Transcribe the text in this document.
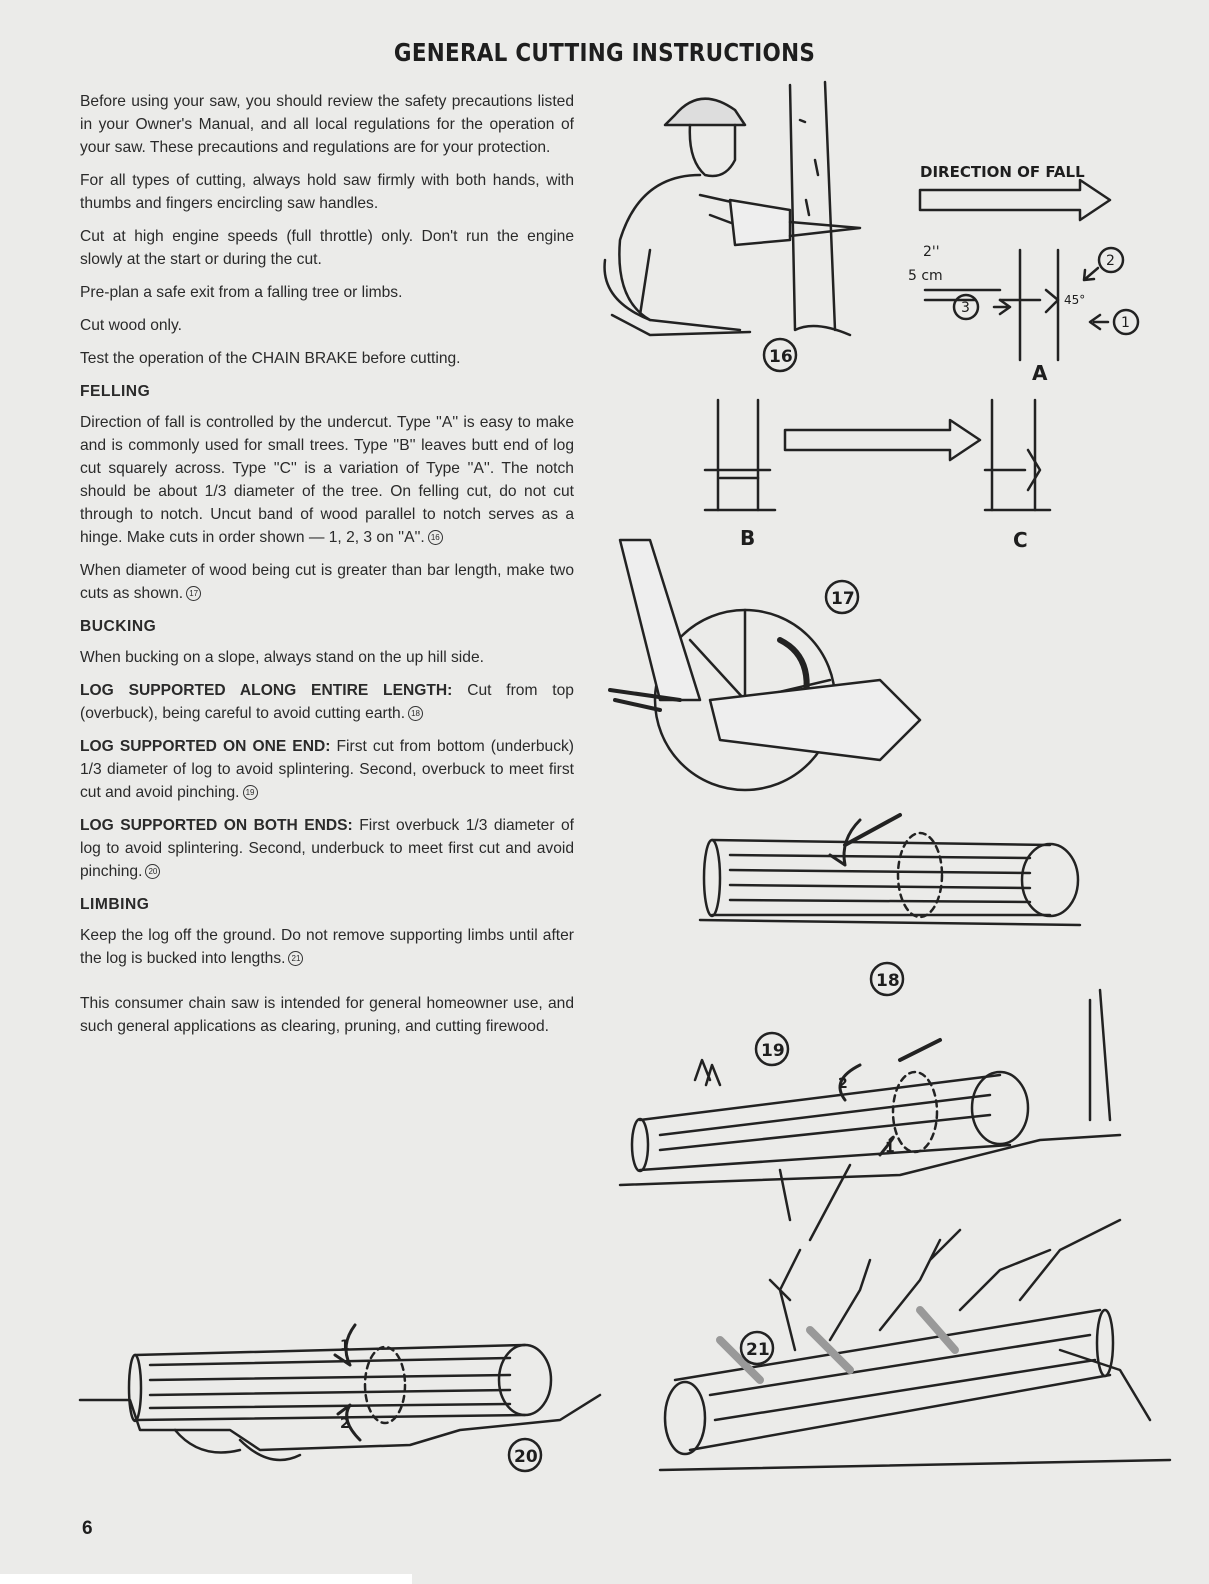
GENERAL CUTTING INSTRUCTIONS

Before using your saw, you should review the safety precautions listed in your Owner's Manual, and all local regulations for the operation of your saw. These precautions and regulations are for your protection.

For all types of cutting, always hold saw firmly with both hands, with thumbs and fingers encircling saw handles.

Cut at high engine speeds (full throttle) only. Don't run the engine slowly at the start or during the cut.

Pre-plan a safe exit from a falling tree or limbs.

Cut wood only.

Test the operation of the CHAIN BRAKE before cutting.

FELLING

Direction of fall is controlled by the undercut. Type ''A'' is easy to make and is commonly used for small trees. Type ''B'' leaves butt end of log cut squarely across. Type ''C'' is a variation of Type ''A''. The notch should be about 1/3 diameter of the tree. On felling cut, do not cut through to notch. Uncut band of wood parallel to notch serves as a hinge. Make cuts in order shown — 1, 2, 3 on ''A''. 16

When diameter of wood being cut is greater than bar length, make two cuts as shown. 17

BUCKING

When bucking on a slope, always stand on the up hill side.

LOG SUPPORTED ALONG ENTIRE LENGTH: Cut from top (overbuck), being careful to avoid cutting earth. 18

LOG SUPPORTED ON ONE END: First cut from bottom (underbuck) 1/3 diameter of log to avoid splintering. Second, overbuck to meet first cut and avoid pinching. 19

LOG SUPPORTED ON BOTH ENDS: First overbuck 1/3 diameter of log to avoid splintering. Second, underbuck to meet first cut and avoid pinching. 20

LIMBING

Keep the log off the ground. Do not remove supporting limbs until after the log is bucked into lengths. 21

This consumer chain saw is intended for general homeowner use, and such general applications as clearing, pruning, and cutting firewood.

DIRECTION OF FALL
2''
5 cm
45°
3
2
1
A
B	C
16
17
18
19
20
21
1
2
2
1
6
